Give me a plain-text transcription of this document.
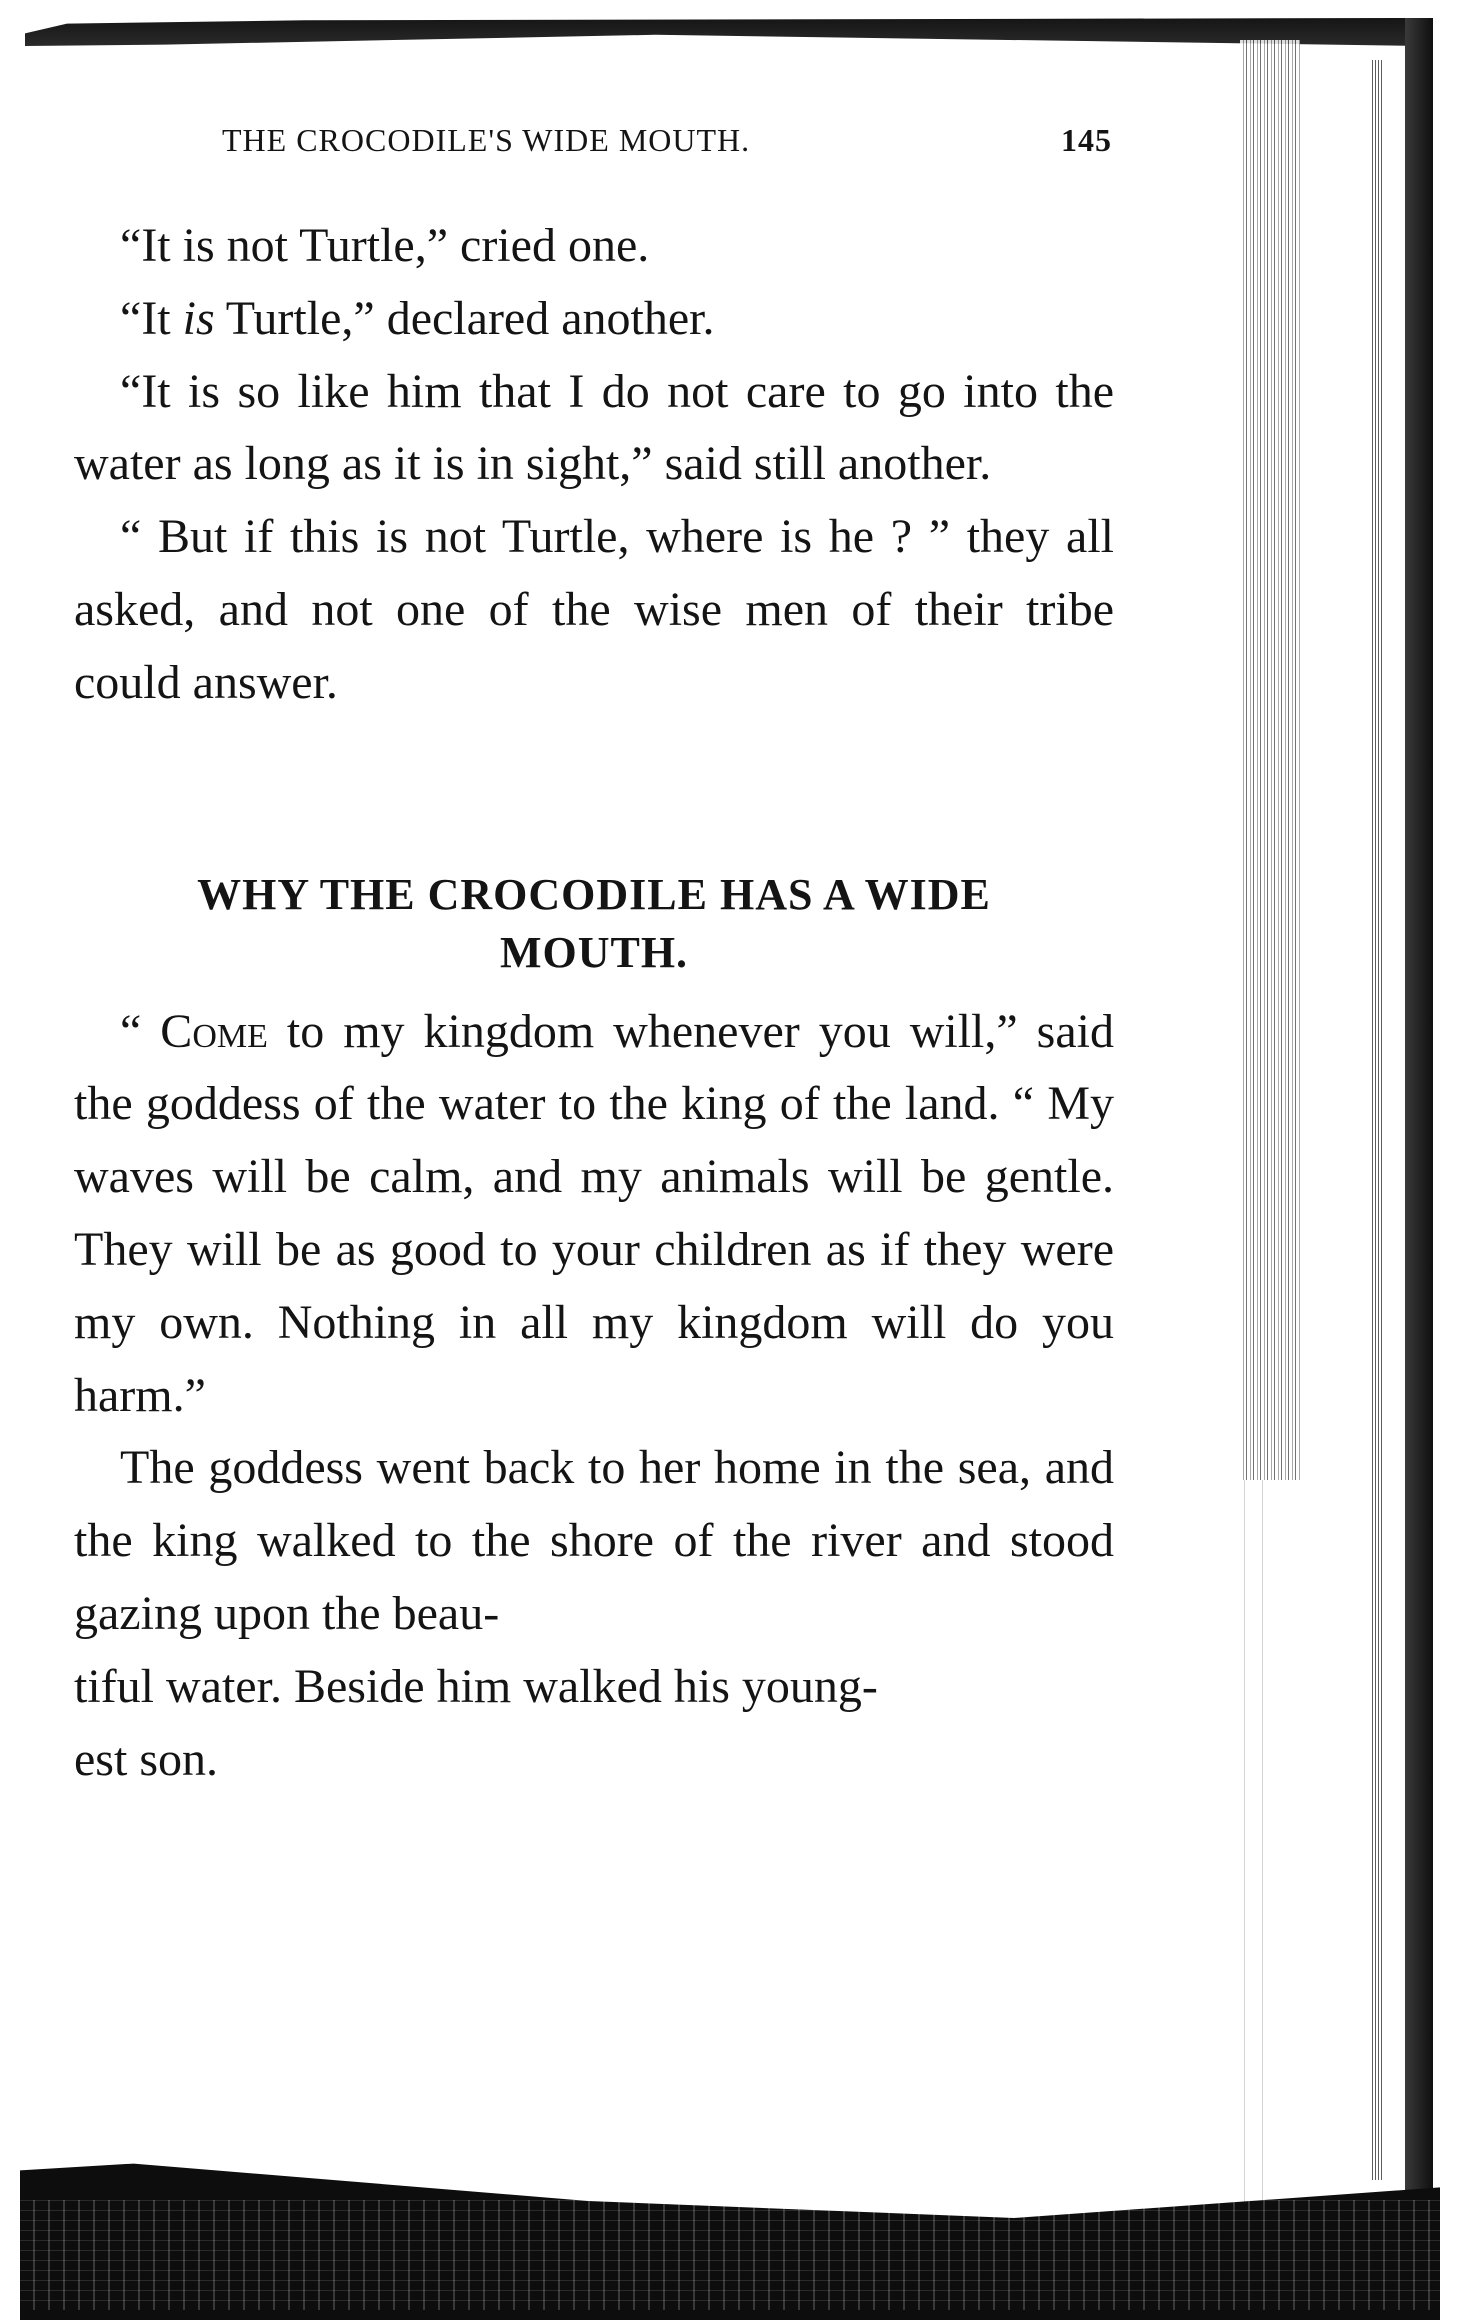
THE CROCODILE'S WIDE MOUTH.	145

“It is not Turtle,” cried one.

“It is Turtle,” declared another.

“It is so like him that I do not care to go into the water as long as it is in sight,” said still another.

“ But if this is not Turtle, where is he ? ” they all asked, and not one of the wise men of their tribe could answer.

WHY THE CROCODILE HAS A WIDE
MOUTH.

“ Come to my kingdom whenever you will,” said the goddess of the water to the king of the land. “ My waves will be calm, and my animals will be gentle. They will be as good to your children as if they were my own. Nothing in all my kingdom will do you harm.”

The goddess went back to her home in the sea, and the king walked to the shore of the river and stood gazing upon the beau-
tiful water. Beside him walked his young-
est son.
